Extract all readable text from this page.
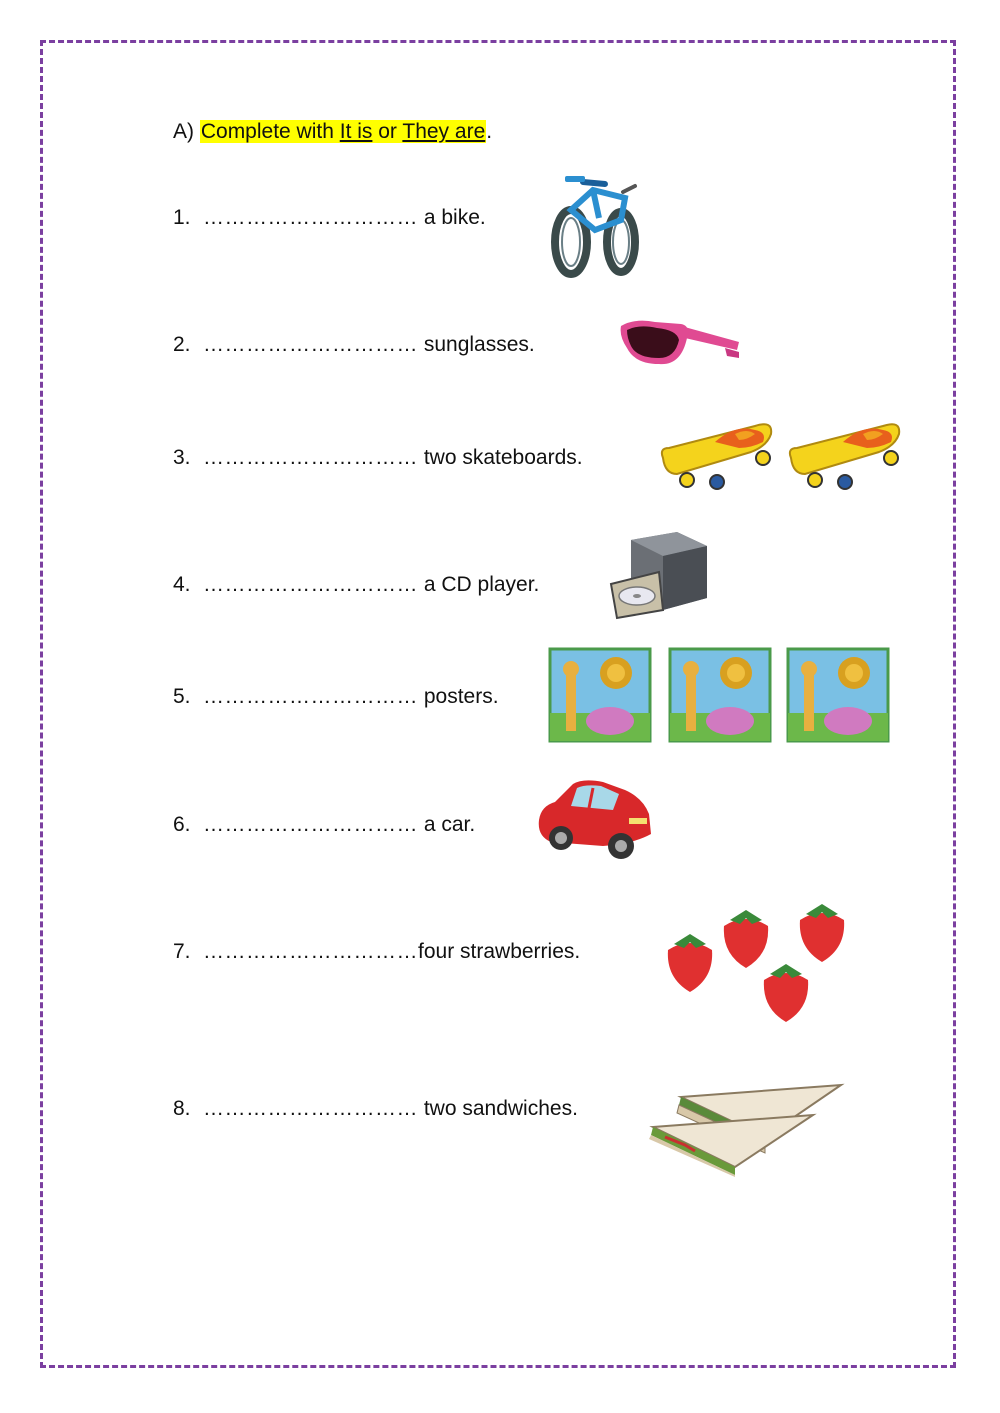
A) Complete with It is or They are.
1. ………………………… a bike.
2. ………………………… sunglasses.
3. ………………………… two skateboards.
4. ………………………… a CD player.
5. ………………………… posters.
6. ………………………… a car.
7. …………………………four strawberries.
8. ………………………… two sandwiches.
